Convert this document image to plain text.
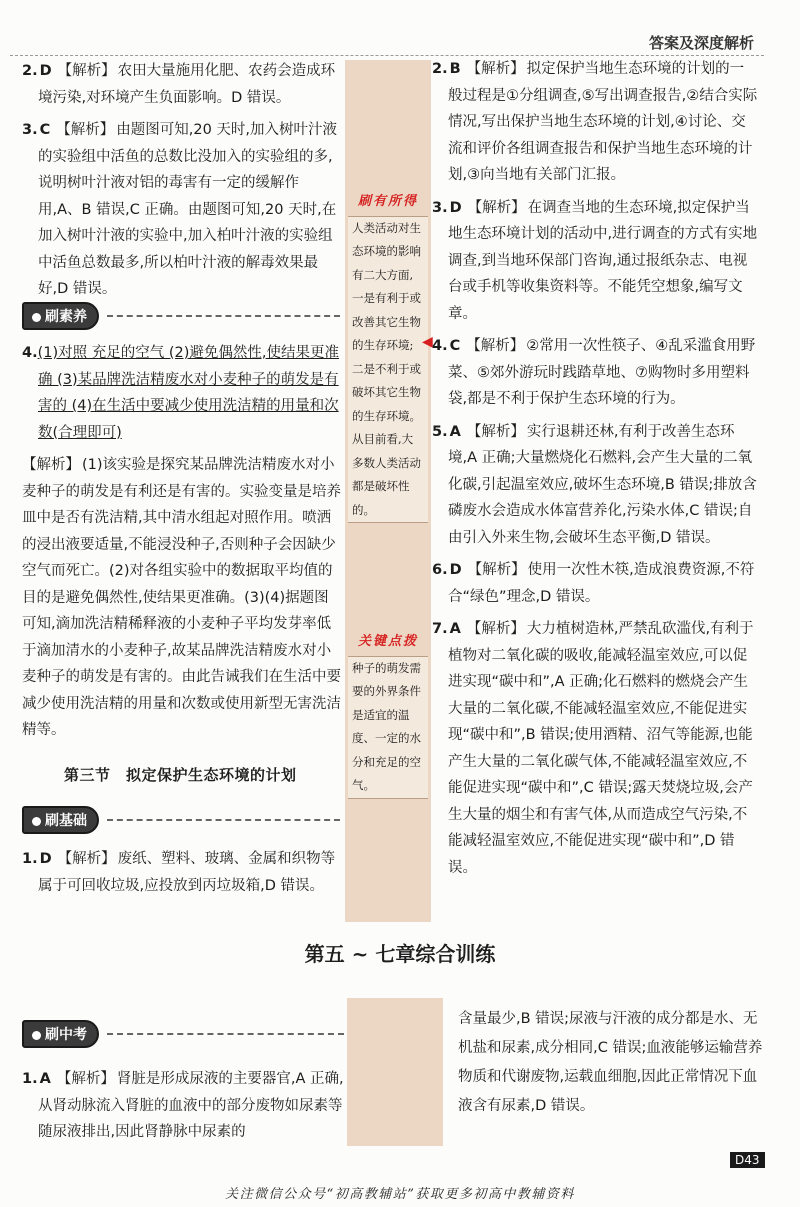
答案及深度解析
刷有所得
人类活动对生态环境的影响有二大方面,一是有利于或改善其它生物的生存环境;二是不利于或破坏其它生物的生存环境。从目前看,大多数人类活动都是破坏性的。
◀
关键点拨
种子的萌发需要的外界条件是适宜的温度、一定的水分和充足的空气。
2. D 【解析】 农田大量施用化肥、农药会造成环境污染,对环境产生负面影响。D 错误。
3. C 【解析】 由题图可知,20 天时,加入树叶汁液的实验组中活鱼的总数比没加入的实验组的多,说明树叶汁液对铝的毒害有一定的缓解作用,A、B 错误,C 正确。由题图可知,20 天时,在加入树叶汁液的实验中,加入柏叶汁液的实验组中活鱼总数最多,所以柏叶汁液的解毒效果最好,D 错误。
刷素养
4.(1)对照 充足的空气 (2)避免偶然性,使结果更准确 (3)某品牌洗洁精废水对小麦种子的萌发是有害的 (4)在生活中要减少使用洗洁精的用量和次数(合理即可)

【解析】 (1)该实验是探究某品牌洗洁精废水对小麦种子的萌发是有利还是有害的。实验变量是培养皿中是否有洗洁精,其中清水组起对照作用。喷洒的浸出液要适量,不能浸没种子,否则种子会因缺少空气而死亡。(2)对各组实验中的数据取平均值的目的是避免偶然性,使结果更准确。(3)(4)据题图可知,滴加洗洁精稀释液的小麦种子平均发芽率低于滴加清水的小麦种子,故某品牌洗洁精废水对小麦种子的萌发是有害的。由此告诫我们在生活中要减少使用洗洁精的用量和次数或使用新型无害洗洁精等。

第三节　拟定保护生态环境的计划
刷基础
1. D 【解析】 废纸、塑料、玻璃、金属和织物等属于可回收垃圾,应投放到丙垃圾箱,D 错误。
2. B 【解析】 拟定保护当地生态环境的计划的一般过程是①分组调查,⑤写出调查报告,②结合实际情况,写出保护当地生态环境的计划,④讨论、交流和评价各组调查报告和保护当地生态环境的计划,③向当地有关部门汇报。
3. D 【解析】 在调查当地的生态环境,拟定保护当地生态环境计划的活动中,进行调查的方式有实地调查,到当地环保部门咨询,通过报纸杂志、电视台或手机等收集资料等。不能凭空想象,编写文章。
4. C 【解析】 ②常用一次性筷子、④乱采滥食用野菜、⑤郊外游玩时践踏草地、⑦购物时多用塑料袋,都是不利于保护生态环境的行为。
5. A 【解析】 实行退耕还林,有利于改善生态环境,A 正确;大量燃烧化石燃料,会产生大量的二氧化碳,引起温室效应,破坏生态环境,B 错误;排放含磷废水会造成水体富营养化,污染水体,C 错误;自由引入外来生物,会破坏生态平衡,D 错误。
6. D 【解析】 使用一次性木筷,造成浪费资源,不符合“绿色”理念,D 错误。
7. A 【解析】 大力植树造林,严禁乱砍滥伐,有利于植物对二氧化碳的吸收,能减轻温室效应,可以促进实现“碳中和”,A 正确;化石燃料的燃烧会产生大量的二氧化碳,不能减轻温室效应,不能促进实现“碳中和”,B 错误;使用酒精、沼气等能源,也能产生大量的二氧化碳气体,不能减轻温室效应,不能促进实现“碳中和”,C 错误;露天焚烧垃圾,会产生大量的烟尘和有害气体,从而造成空气污染,不能减轻温室效应,不能促进实现“碳中和”,D 错误。
第五 ~ 七章综合训练
刷中考
1. A 【解析】 肾脏是形成尿液的主要器官,A 正确,从肾动脉流入肾脏的血液中的部分废物如尿素等随尿液排出,因此肾静脉中尿素的

含量最少,B 错误;尿液与汗液的成分都是水、无机盐和尿素,成分相同,C 错误;血液能够运输营养物质和代谢废物,运载血细胞,因此正常情况下血液含有尿素,D 错误。

D43
关注微信公众号“初高教辅站”获取更多初高中教辅资料
